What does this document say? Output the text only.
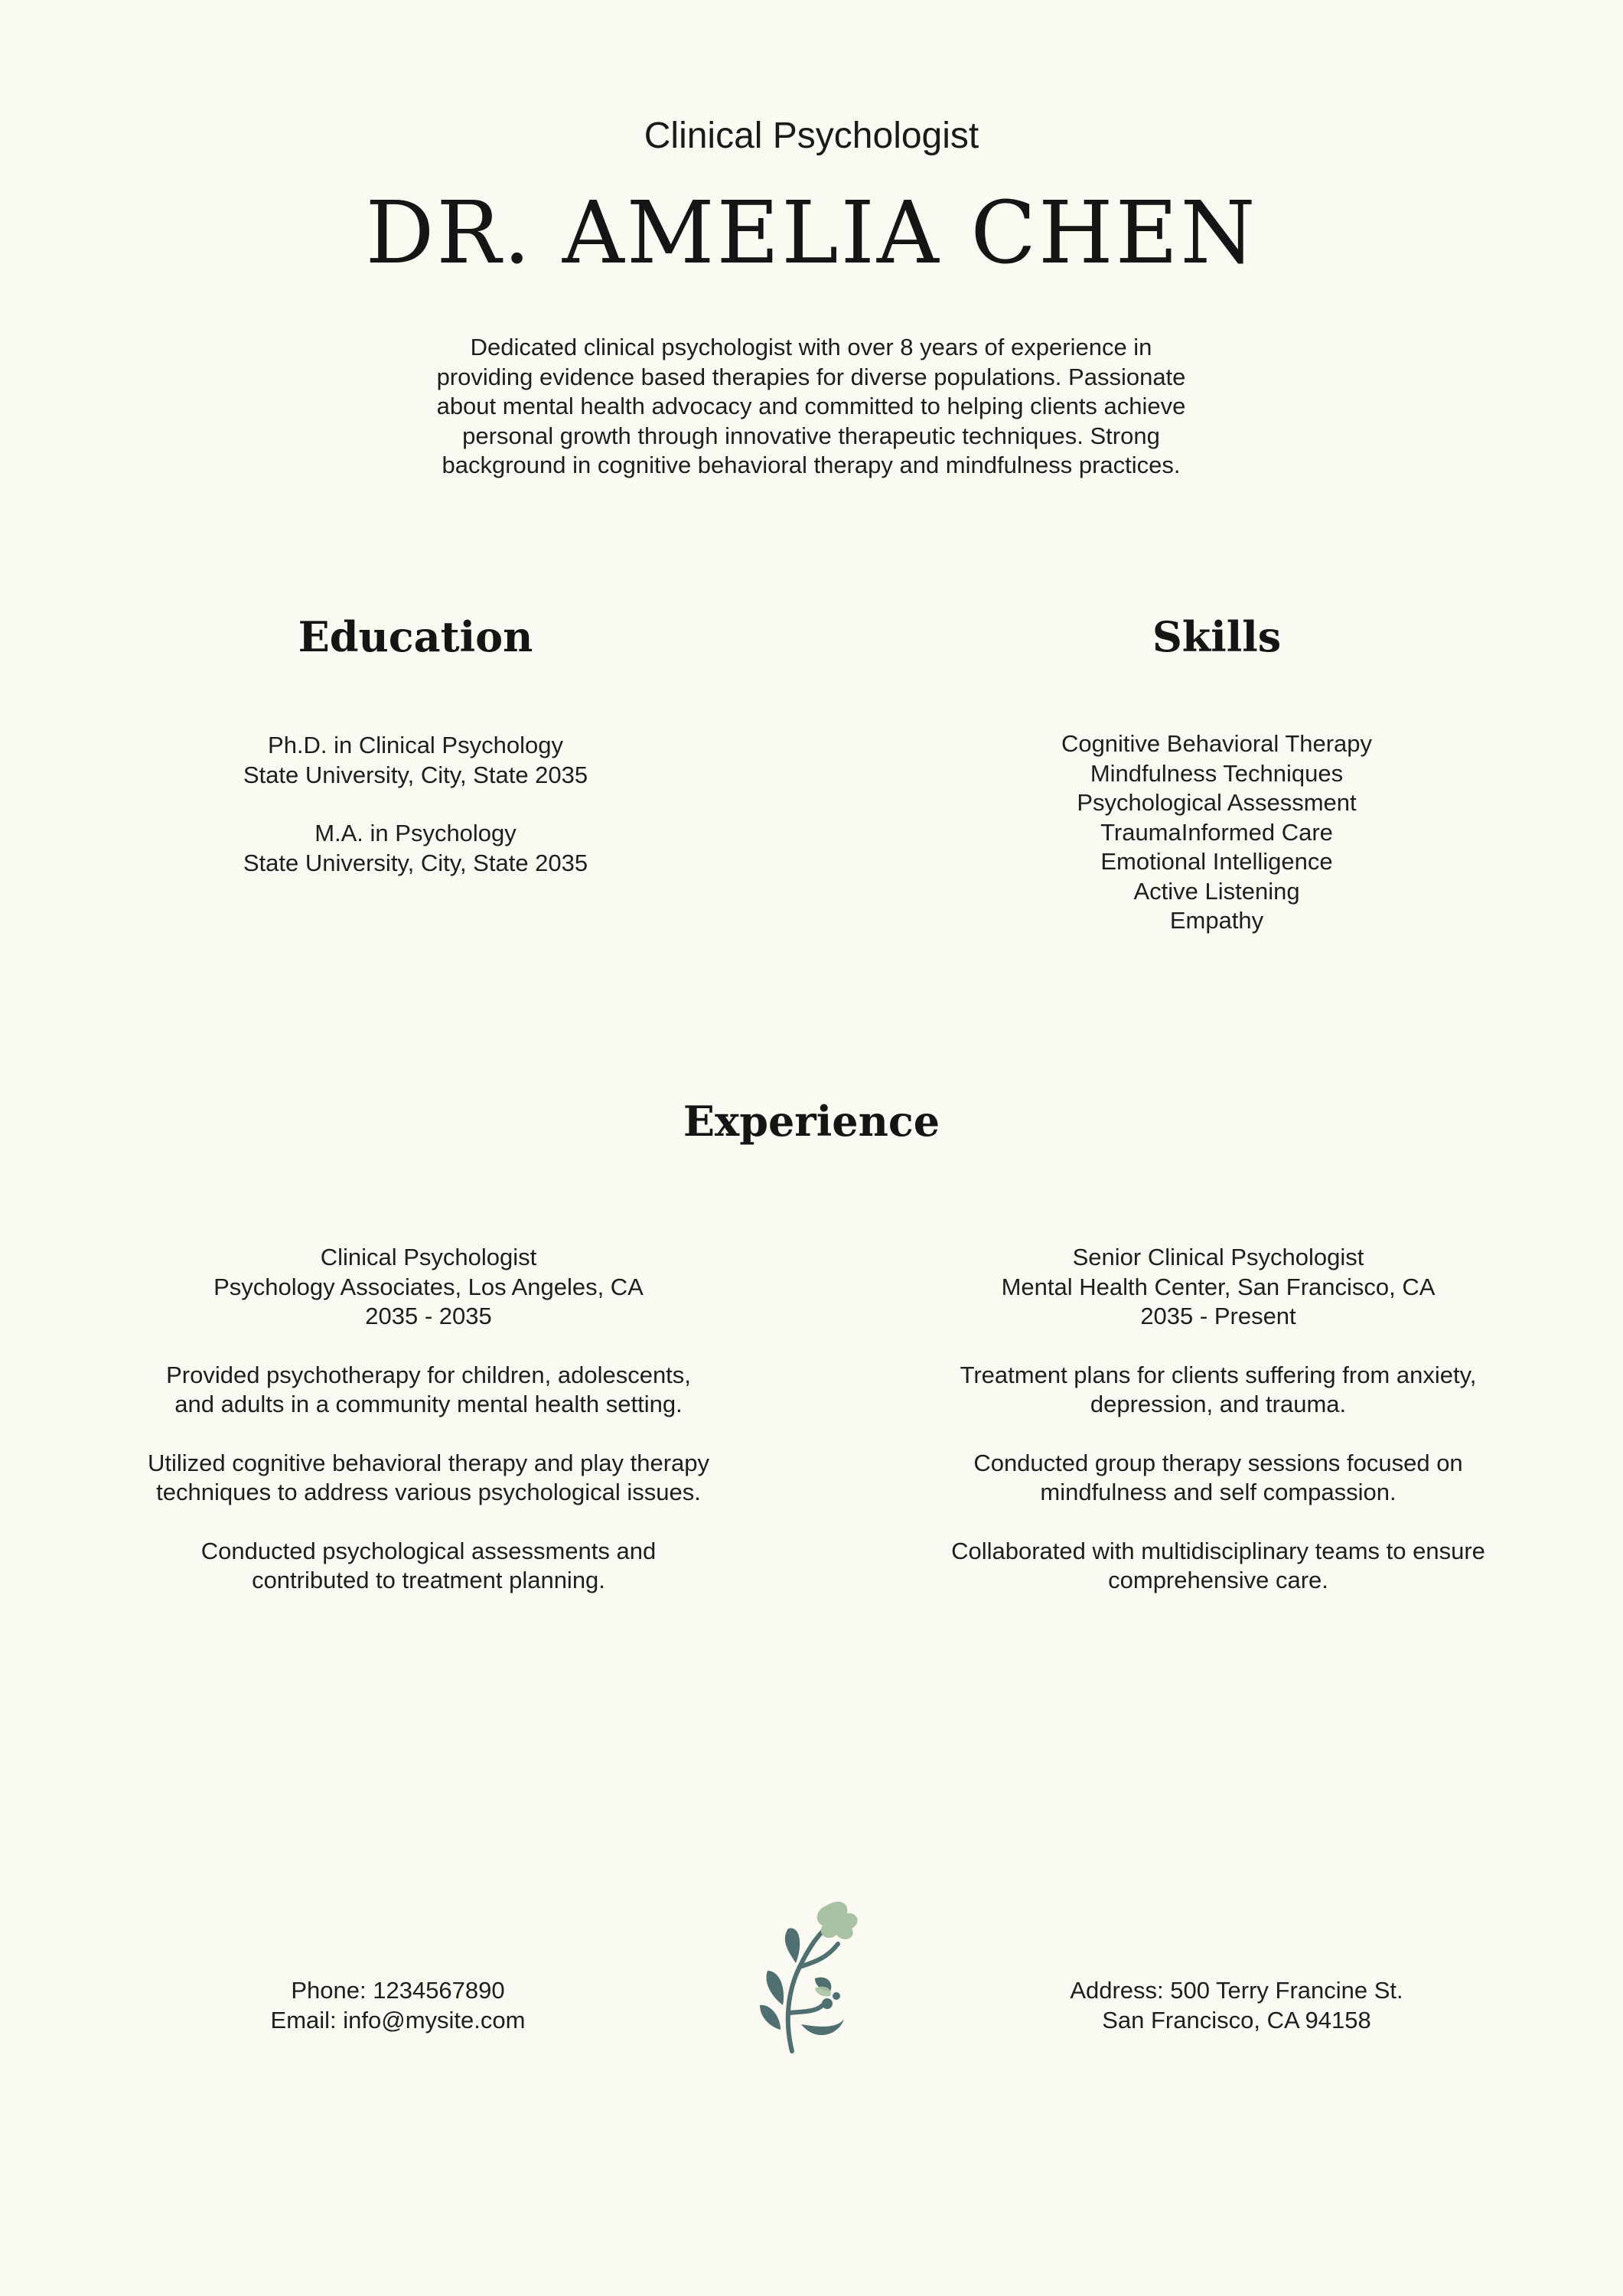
Clinical Psychologist
DR. AMELIA CHEN
Dedicated clinical psychologist with over 8 years of experience in providing evidence based therapies for diverse populations. Passionate about mental health advocacy and committed to helping clients achieve personal growth through innovative therapeutic techniques. Strong background in cognitive behavioral therapy and mindfulness practices.
Education

Ph.D. in Clinical Psychology

State University, City, State 2035

M.A. in Psychology

State University, City, State 2035

Skills
Cognitive Behavioral Therapy
Mindfulness Techniques
Psychological Assessment
TraumaInformed Care
Emotional Intelligence
Active Listening
Empathy
Experience

Clinical Psychologist

Psychology Associates, Los Angeles, CA

2035 - 2035

Provided psychotherapy for children, adolescents, and adults in a community mental health setting.

Utilized cognitive behavioral therapy and play therapy techniques to address various psychological issues.

Conducted psychological assessments and contributed to treatment planning.

Senior Clinical Psychologist

Mental Health Center, San Francisco, CA

2035 - Present

Treatment plans for clients suffering from anxiety, depression, and trauma.

Conducted group therapy sessions focused on mindfulness and self compassion.

Collaborated with multidisciplinary teams to ensure comprehensive care.

Phone: 1234567890

Email: info@mysite.com

Address: 500 Terry Francine St.

San Francisco, CA 94158
